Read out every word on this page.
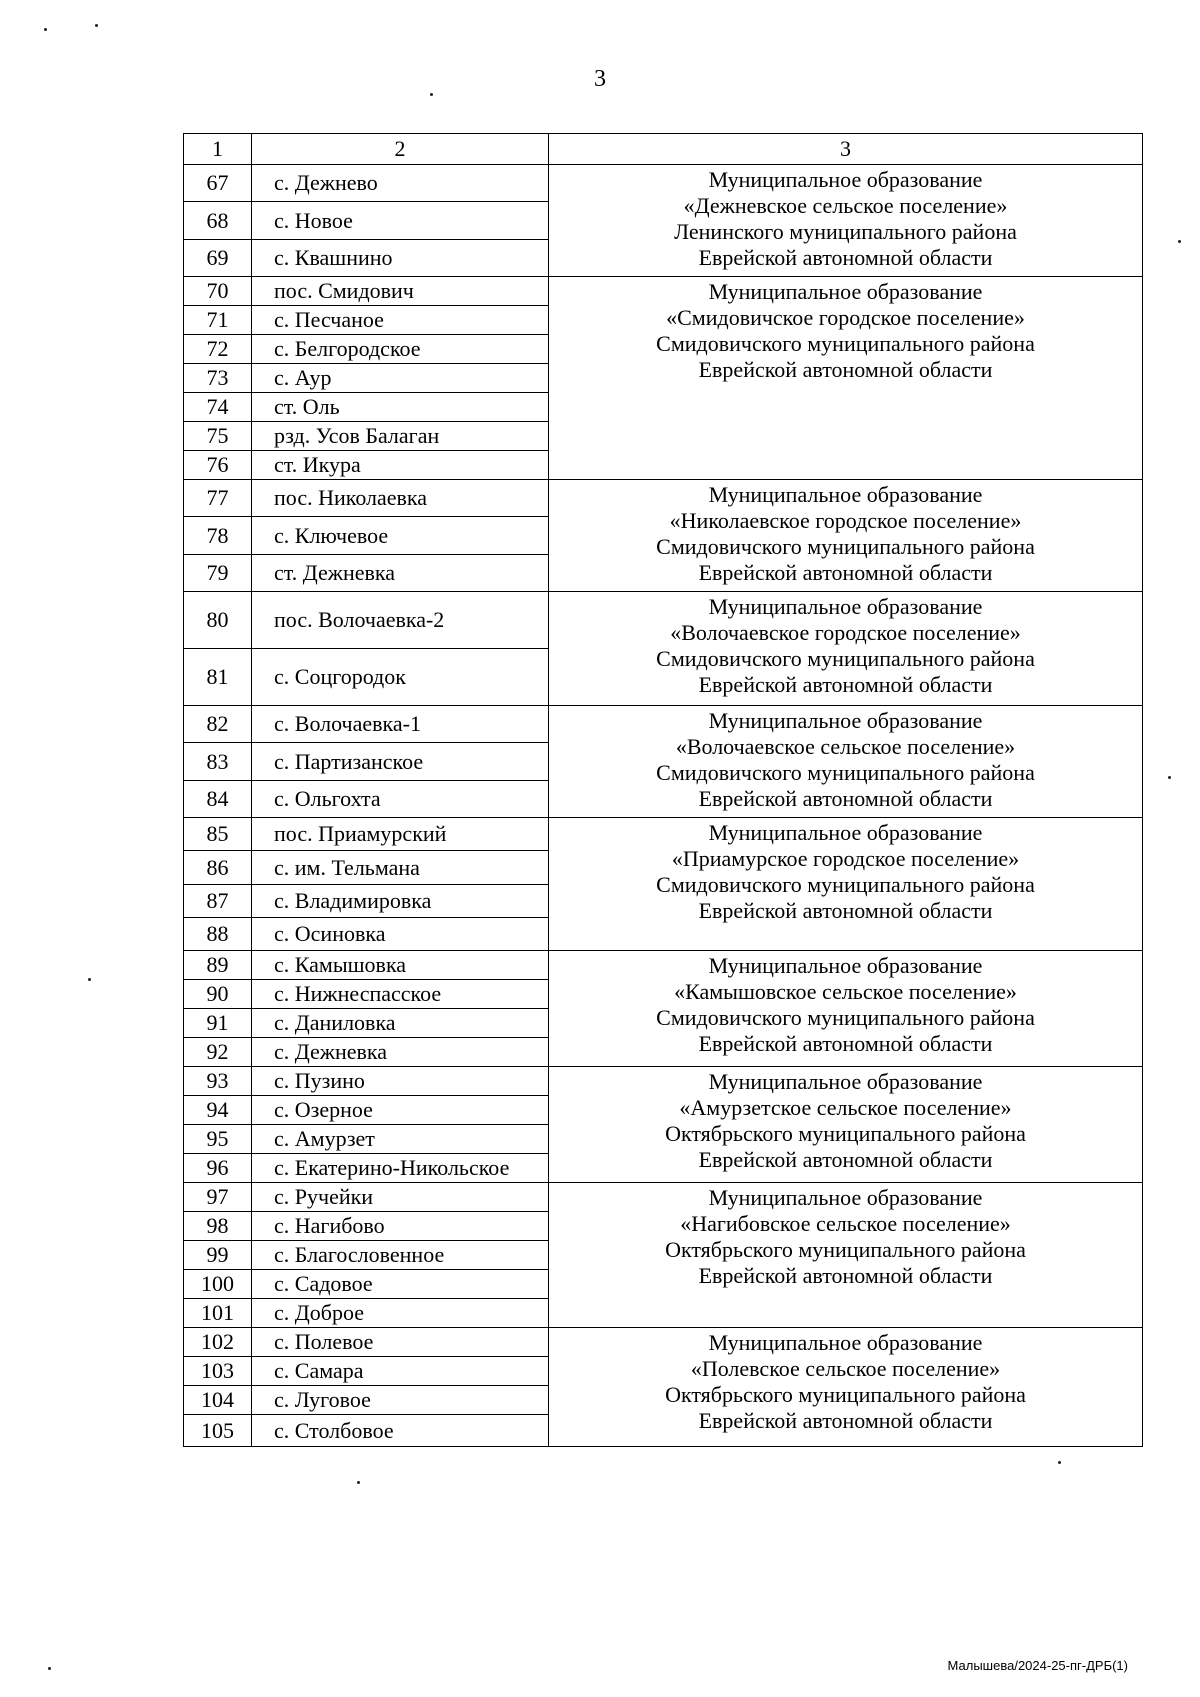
3
1	2	3
67	с. Дежнево	Муниципальное образование
«Дежневское сельское поселение»
Ленинского муниципального района
Еврейской автономной области

68	с. Новое	
69	с. Квашнино	
70	пос. Смидович	Муниципальное образование
«Смидовичское городское поселение»
Смидовичского муниципального района
Еврейской автономной области

71	с. Песчаное	
72	с. Белгородское	
73	с. Аур	
74	ст. Оль	
75	рзд. Усов Балаган	
76	ст. Икура	
77	пос. Николаевка	Муниципальное образование
«Николаевское городское поселение»
Смидовичского муниципального района
Еврейской автономной области

78	с. Ключевое	
79	ст. Дежневка	
80	пос. Волочаевка-2	Муниципальное образование
«Волочаевское городское поселение»
Смидовичского муниципального района
Еврейской автономной области

81	с. Соцгородок	
82	с. Волочаевка-1	Муниципальное образование
«Волочаевское сельское поселение»
Смидовичского муниципального района
Еврейской автономной области

83	с. Партизанское	
84	с. Ольгохта	
85	пос. Приамурский	Муниципальное образование
«Приамурское городское поселение»
Смидовичского муниципального района
Еврейской автономной области

86	с. им. Тельмана	
87	с. Владимировка	
88	с. Осиновка	
89	с. Камышовка	Муниципальное образование
«Камышовское сельское поселение»
Смидовичского муниципального района
Еврейской автономной области

90	с. Нижнеспасское	
91	с. Даниловка	
92	с. Дежневка	
93	с. Пузино	Муниципальное образование
«Амурзетское сельское поселение»
Октябрьского муниципального района
Еврейской автономной области

94	с. Озерное	
95	с. Амурзет	
96	с. Екатерино-Никольское	
97	с. Ручейки	Муниципальное образование
«Нагибовское сельское поселение»
Октябрьского муниципального района
Еврейской автономной области

98	с. Нагибово	
99	с. Благословенное	
100	с. Садовое	
101	с. Доброе	
102	с. Полевое	Муниципальное образование
«Полевское сельское поселение»
Октябрьского муниципального района
Еврейской автономной области

103	с. Самара	
104	с. Луговое	
105	с. Столбовое	
Малышева/2024-25-пг-ДРБ(1)
